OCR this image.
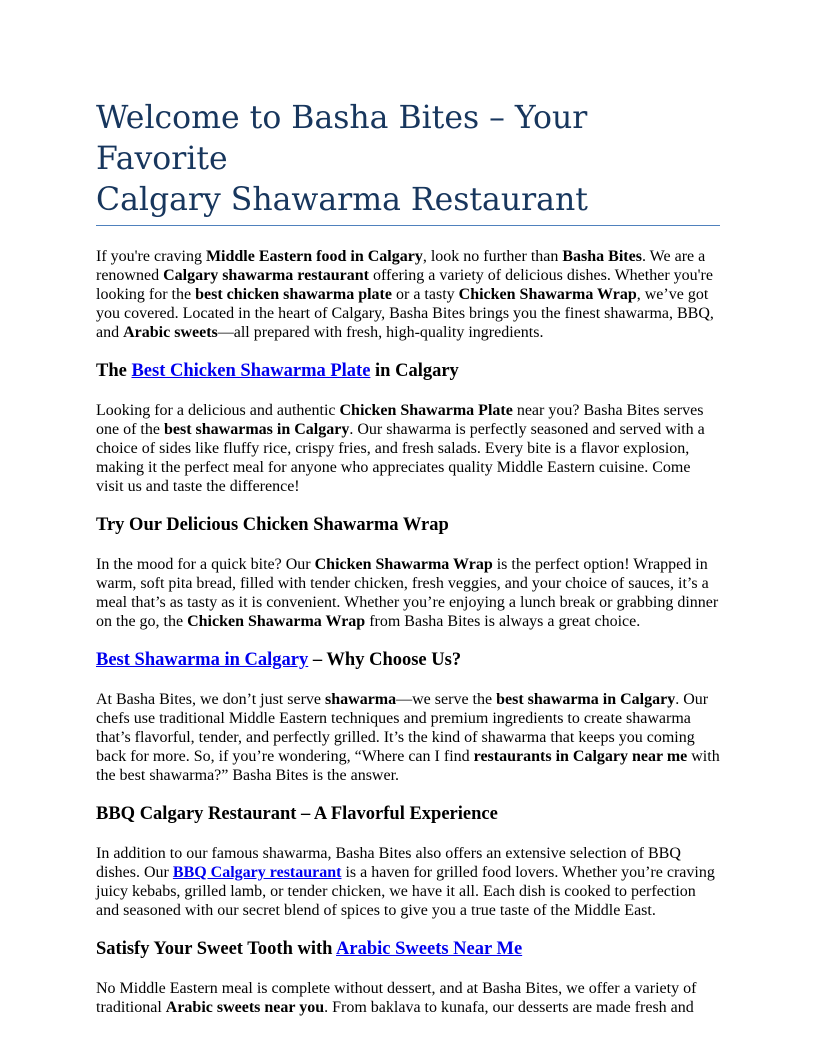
Welcome to Basha Bites – Your Favorite
Calgary Shawarma Restaurant

If you're craving Middle Eastern food in Calgary, look no further than Basha Bites. We are a renowned Calgary shawarma restaurant offering a variety of delicious dishes. Whether you're looking for the best chicken shawarma plate or a tasty Chicken Shawarma Wrap, we’ve got you covered. Located in the heart of Calgary, Basha Bites brings you the finest shawarma, BBQ, and Arabic sweets—all prepared with fresh, high-quality ingredients.

The Best Chicken Shawarma Plate in Calgary

Looking for a delicious and authentic Chicken Shawarma Plate near you? Basha Bites serves one of the best shawarmas in Calgary. Our shawarma is perfectly seasoned and served with a choice of sides like fluffy rice, crispy fries, and fresh salads. Every bite is a flavor explosion, making it the perfect meal for anyone who appreciates quality Middle Eastern cuisine. Come visit us and taste the difference!

Try Our Delicious Chicken Shawarma Wrap

In the mood for a quick bite? Our Chicken Shawarma Wrap is the perfect option! Wrapped in warm, soft pita bread, filled with tender chicken, fresh veggies, and your choice of sauces, it’s a meal that’s as tasty as it is convenient. Whether you’re enjoying a lunch break or grabbing dinner on the go, the Chicken Shawarma Wrap from Basha Bites is always a great choice.

Best Shawarma in Calgary – Why Choose Us?

At Basha Bites, we don’t just serve shawarma—we serve the best shawarma in Calgary. Our chefs use traditional Middle Eastern techniques and premium ingredients to create shawarma that’s flavorful, tender, and perfectly grilled. It’s the kind of shawarma that keeps you coming back for more. So, if you’re wondering, “Where can I find restaurants in Calgary near me with the best shawarma?” Basha Bites is the answer.

BBQ Calgary Restaurant – A Flavorful Experience

In addition to our famous shawarma, Basha Bites also offers an extensive selection of BBQ dishes. Our BBQ Calgary restaurant is a haven for grilled food lovers. Whether you’re craving juicy kebabs, grilled lamb, or tender chicken, we have it all. Each dish is cooked to perfection and seasoned with our secret blend of spices to give you a true taste of the Middle East.

Satisfy Your Sweet Tooth with Arabic Sweets Near Me

No Middle Eastern meal is complete without dessert, and at Basha Bites, we offer a variety of traditional Arabic sweets near you. From baklava to kunafa, our desserts are made fresh and
